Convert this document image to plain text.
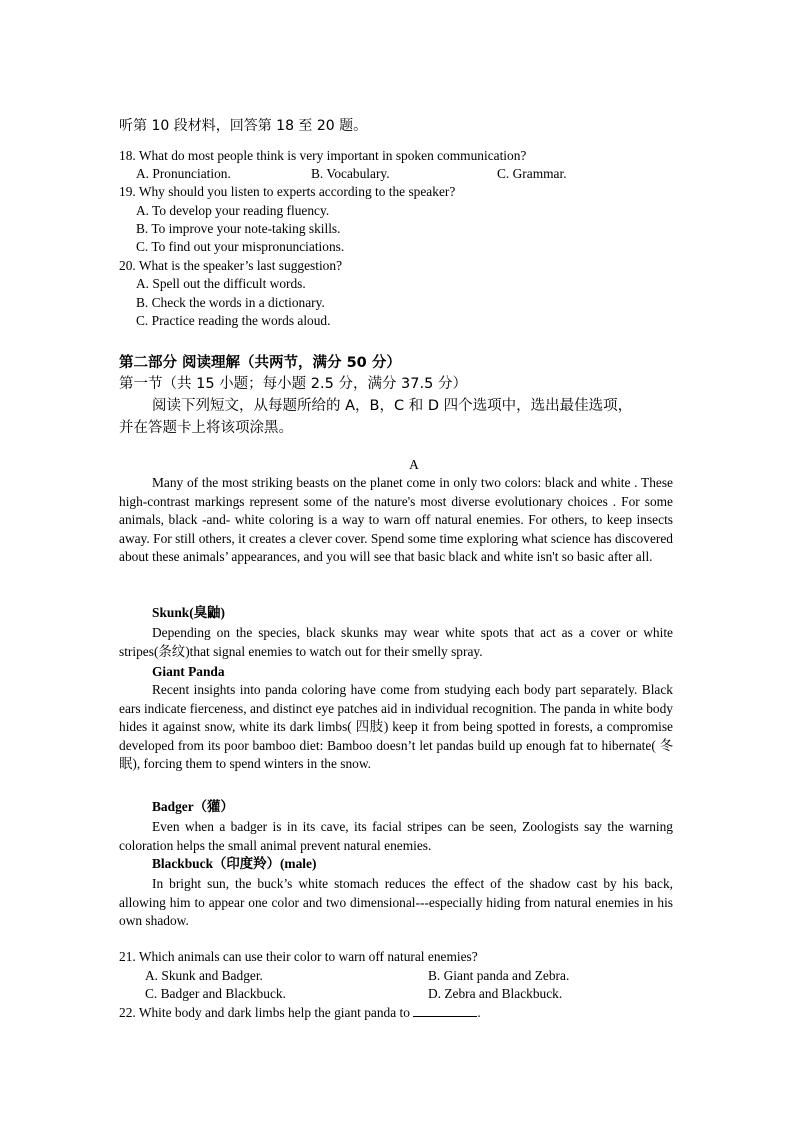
听第 10 段材料，回答第 18 至 20 题。
18. What do most people think is very important in spoken communication?
A. Pronunciation.	B. Vocabulary.	C. Grammar.
19. Why should you listen to experts according to the speaker?
A. To develop your reading fluency.
B. To improve your note-taking skills.
C. To find out your mispronunciations.
20. What is the speaker’s last suggestion?
A. Spell out the difficult words.
B. Check the words in a dictionary.
C. Practice reading the words aloud.
第二部分 阅读理解（共两节，满分 50 分）
第一节（共 15 小题；每小题 2.5 分，满分 37.5 分）
阅读下列短文，从每题所给的 A，B，C 和 D 四个选项中，选出最佳选项，
并在答题卡上将该项涂黑。
A
Many of the most striking beasts on the planet come in only two colors: black and white . These high-contrast markings represent some of the nature's most diverse evolutionary choices . For some animals, black -and- white coloring is a way to warn off natural enemies. For others, to keep insects away. For still others, it creates a clever cover. Spend some time exploring what science has discovered about these animals’ appearances, and you will see that basic black and white isn't so basic after all.
Skunk(臭鼬)
Depending on the species, black skunks may wear white spots that act as a cover or white stripes(条纹)that signal enemies to watch out for their smelly spray.
Giant Panda
Recent insights into panda coloring have come from studying each body part separately. Black ears indicate fierceness, and distinct eye patches aid in individual recognition. The panda in white body hides it against snow, white its dark limbs( 四肢) keep it from being spotted in forests, a compromise developed from its poor bamboo diet: Bamboo doesn’t let pandas build up enough fat to hibernate( 冬眠), forcing them to spend winters in the snow.
Badger（獾）
Even when a badger is in its cave, its facial stripes can be seen, Zoologists say the warning coloration helps the small animal prevent natural enemies.
Blackbuck（印度羚）(male)
In bright sun, the buck’s white stomach reduces the effect of the shadow cast by his back, allowing him to appear one color and two dimensional---especially hiding from natural enemies in his own shadow.
21. Which animals can use their color to warn off natural enemies?
A. Skunk and Badger.	B. Giant panda and Zebra.
C. Badger and Blackbuck.	D. Zebra and Blackbuck.
22. White body and dark limbs help the giant panda to	.
